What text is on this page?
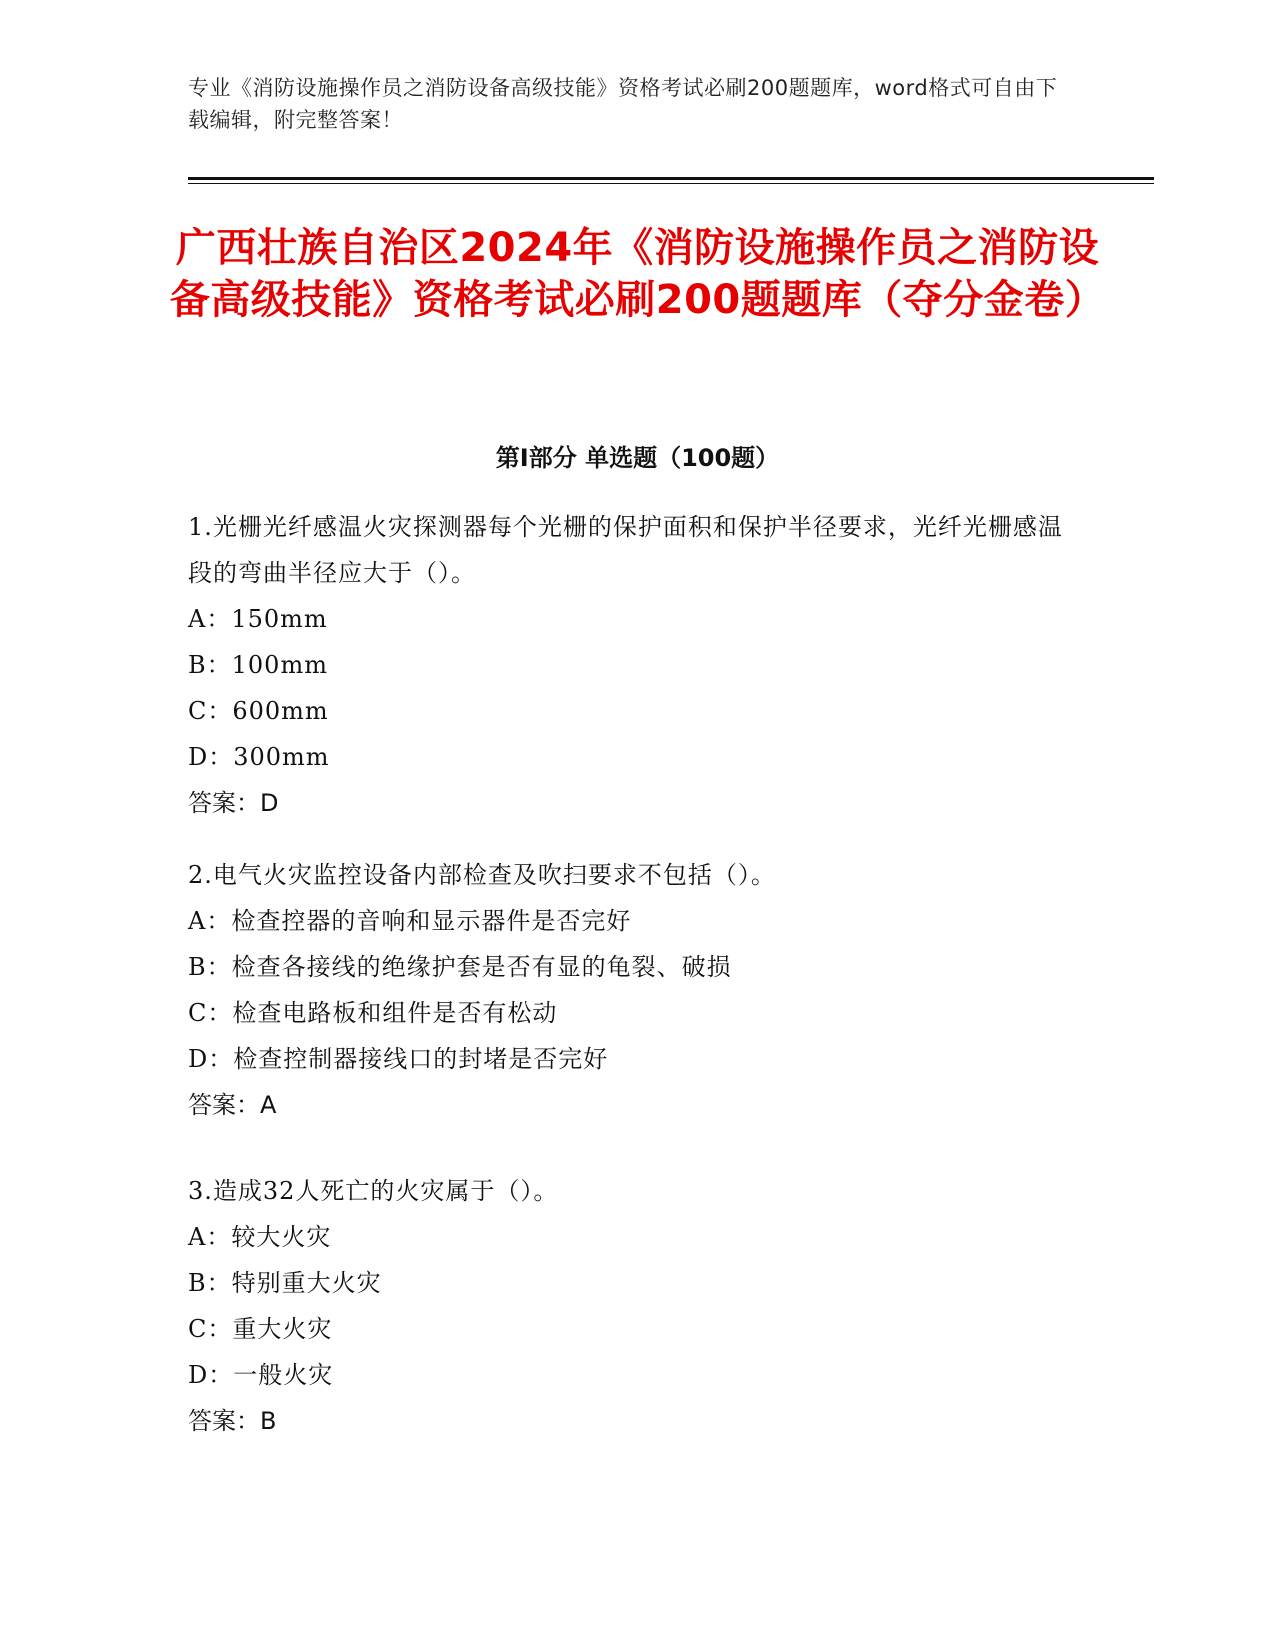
专业《消防设施操作员之消防设备高级技能》资格考试必刷200题题库，word格式可自由下载编辑，附完整答案！
广西壮族自治区2024年《消防设施操作员之消防设备高级技能》资格考试必刷200题题库（夺分金卷）
第I部分 单选题（100题）
1.光栅光纤感温火灾探测器每个光栅的保护面积和保护半径要求，光纤光栅感温段的弯曲半径应大于（）。
A：150mm
B：100mm
C：600mm
D：300mm
答案：D
2.电气火灾监控设备内部检查及吹扫要求不包括（）。
A：检查控器的音响和显示器件是否完好
B：检查各接线的绝缘护套是否有显的龟裂、破损
C：检查电路板和组件是否有松动
D：检查控制器接线口的封堵是否完好
答案：A
3.造成32人死亡的火灾属于（）。
A：较大火灾
B：特别重大火灾
C：重大火灾
D：一般火灾
答案：B
